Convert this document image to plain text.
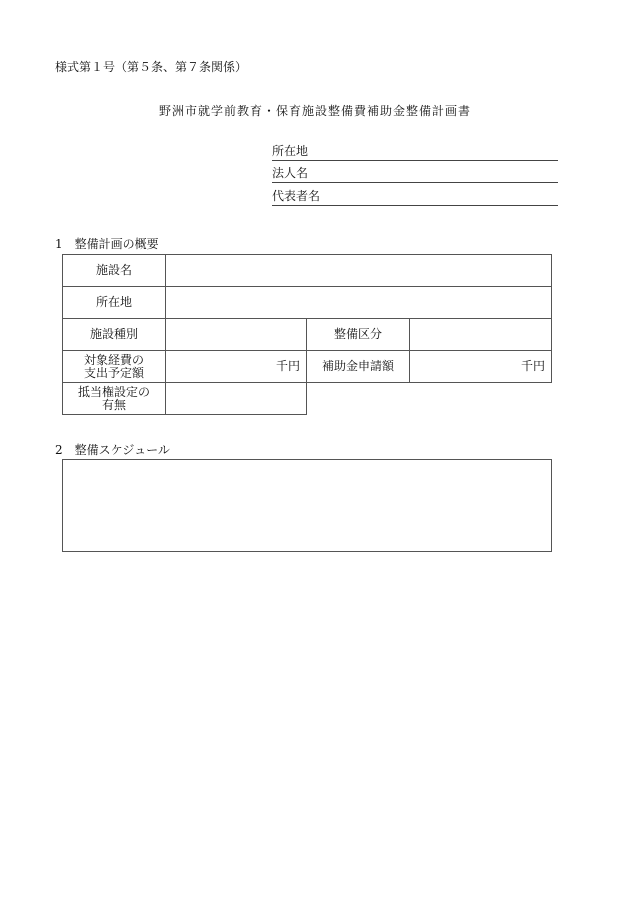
様式第１号（第５条、第７条関係）
野洲市就学前教育・保育施設整備費補助金整備計画書
所在地
法人名
代表者名
1　整備計画の概要
施設名			
所在地			
施設種別		整備区分	
対象経費の
支出予定額	千円	補助金申請額	千円
抵当権設定の
有無			
2　整備スケジュール
